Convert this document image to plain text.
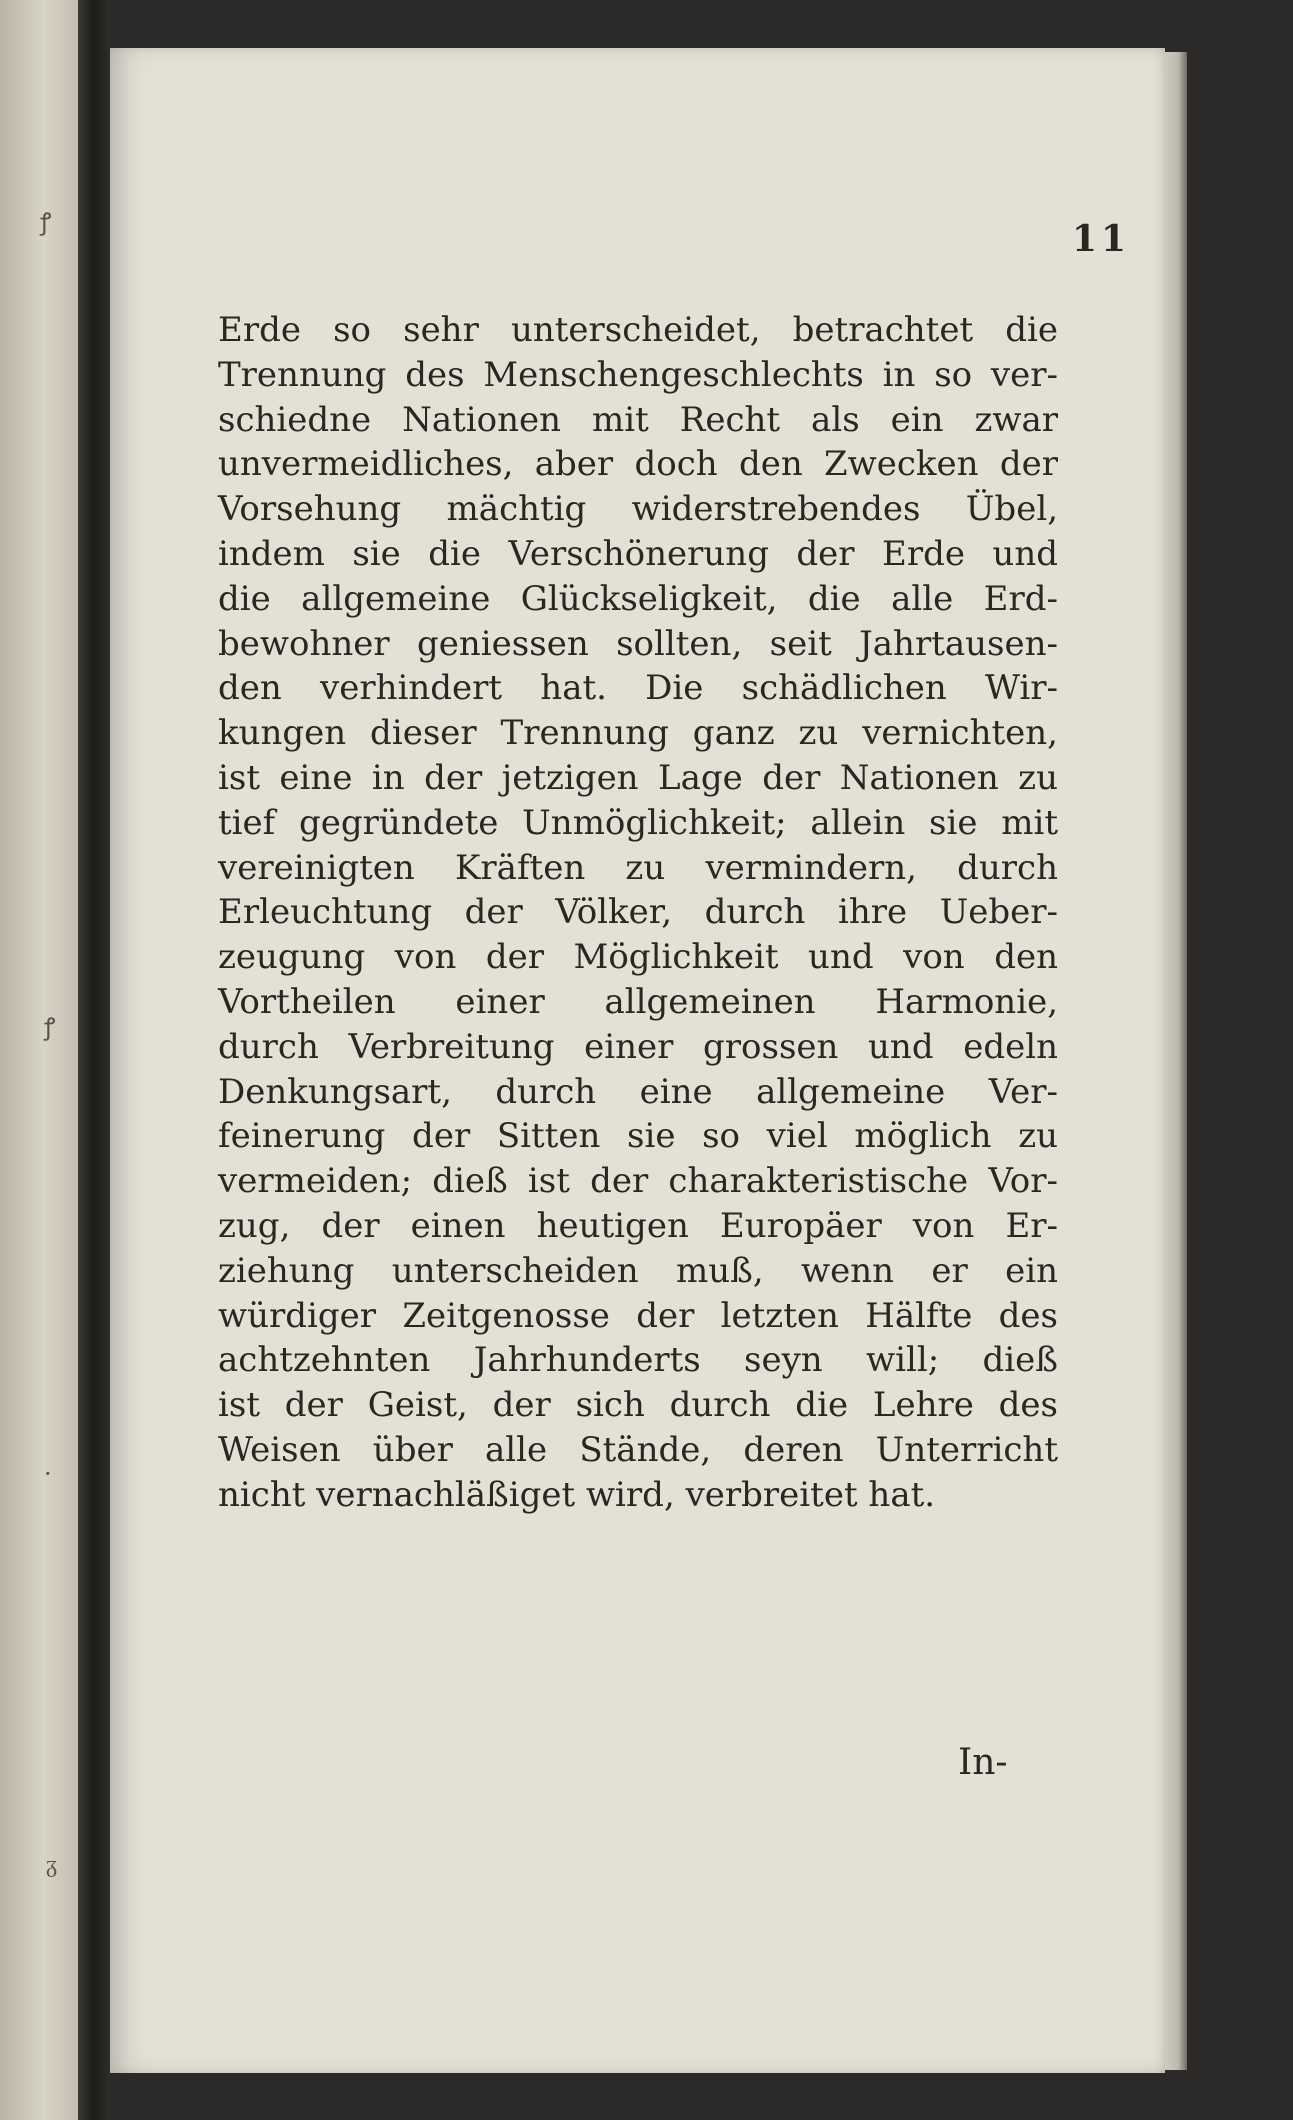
ꝭ
ꝭ
·
ᵹ
11
Erde so sehr unterscheidet, betrachtet die
Trennung des Menschengeschlechts in so ver-
schiedne Nationen mit Recht als ein zwar
unvermeidliches, aber doch den Zwecken der
Vorsehung mächtig widerstrebendes Übel,
indem sie die Verschönerung der Erde und
die allgemeine Glückseligkeit, die alle Erd-
bewohner geniessen sollten, seit Jahrtausen-
den verhindert hat. Die schädlichen Wir-
kungen dieser Trennung ganz zu vernichten,
ist eine in der jetzigen Lage der Nationen zu
tief gegründete Unmöglichkeit; allein sie mit
vereinigten Kräften zu vermindern, durch
Erleuchtung der Völker, durch ihre Ueber-
zeugung von der Möglichkeit und von den
Vortheilen einer allgemeinen Harmonie,
durch Verbreitung einer grossen und edeln
Denkungsart, durch eine allgemeine Ver-
feinerung der Sitten sie so viel möglich zu
vermeiden; dieß ist der charakteristische Vor-
zug, der einen heutigen Europäer von Er-
ziehung unterscheiden muß, wenn er ein
würdiger Zeitgenosse der letzten Hälfte des
achtzehnten Jahrhunderts seyn will; dieß
ist der Geist, der sich durch die Lehre des
Weisen über alle Stände, deren Unterricht
nicht vernachläßiget wird, verbreitet hat.
In-
